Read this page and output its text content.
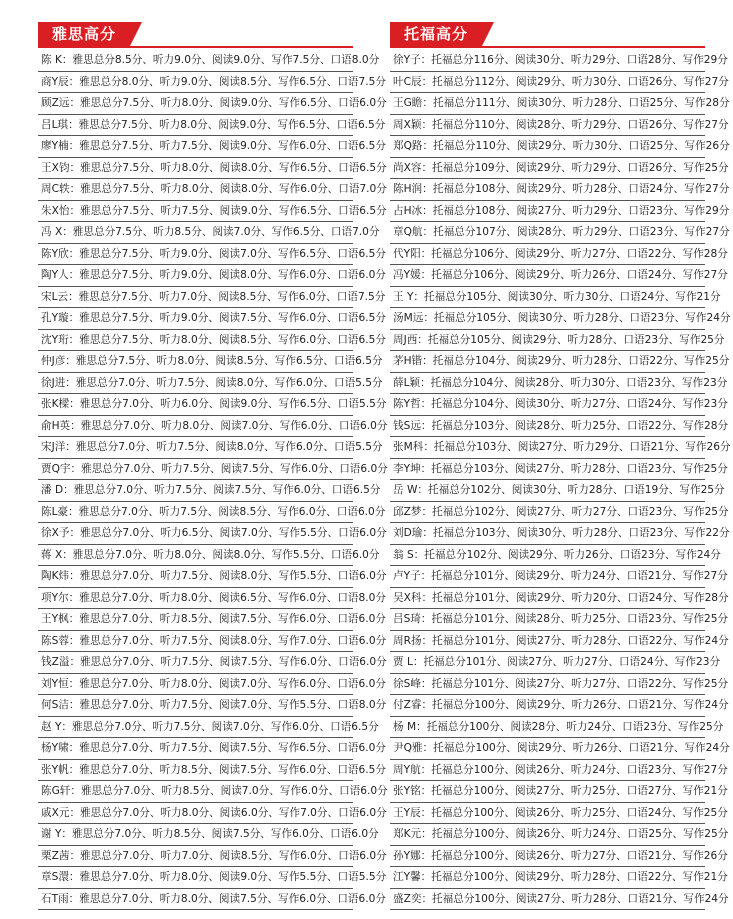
雅思高分
陈 K：雅思总分8.5分、听力9.0分、阅读9.0分、写作7.5分、口语8.0分
商Y辰：雅思总分8.0分、听力9.0分、阅读8.5分、写作6.5分、口语7.5分
顾Z远：雅思总分7.5分、听力8.0分、阅读9.0分、写作6.5分、口语6.0分
吕L琪：雅思总分7.5分、听力8.0分、阅读9.0分、写作6.5分、口语6.5分
廖Y楠：雅思总分7.5分、听力7.5分、阅读9.0分、写作6.0分、口语6.5分
王X钧：雅思总分7.5分、听力8.0分、阅读8.0分、写作6.5分、口语6.5分
周C轶：雅思总分7.5分、听力8.0分、阅读8.0分、写作6.0分、口语7.0分
朱X怡：雅思总分7.5分、听力7.5分、阅读9.0分、写作6.5分、口语6.5分
冯 X：雅思总分7.5分、听力8.5分、阅读7.0分、写作6.5分、口语7.0分
陈Y欣：雅思总分7.5分、听力9.0分、阅读7.0分、写作6.5分、口语6.5分
陶Y人：雅思总分7.5分、听力9.0分、阅读8.0分、写作6.0分、口语6.0分
宋L云：雅思总分7.5分、听力7.0分、阅读8.5分、写作6.0分、口语7.5分
孔Y璇：雅思总分7.5分、听力9.0分、阅读7.5分、写作6.0分、口语6.5分
沈Y珩：雅思总分7.5分、听力8.0分、阅读8.5分、写作6.0分、口语6.5分
仲J彦：雅思总分7.5分、听力8.0分、阅读8.5分、写作6.5分、口语6.5分
徐J进：雅思总分7.0分、听力7.5分、阅读8.0分、写作6.0分、口语5.5分
张K樑：雅思总分7.0分、听力6.0分、阅读9.0分、写作6.5分、口语5.5分
俞H英：雅思总分7.0分、听力8.0分、阅读7.0分、写作6.0分、口语6.0分
宋J洋：雅思总分7.0分、听力7.5分、阅读8.0分、写作6.0分、口语5.5分
贾Q宇：雅思总分7.0分、听力7.5分、阅读7.5分、写作6.0分、口语6.0分
潘 D：雅思总分7.0分、听力7.5分、阅读7.5分、写作6.0分、口语6.5分
陈L豪：雅思总分7.0分、听力7.5分、阅读8.5分、写作6.0分、口语6.0分
徐X予：雅思总分7.0分、听力6.5分、阅读7.0分、写作5.5分、口语6.0分
蒋 X：雅思总分7.0分、听力8.0分、阅读8.0分、写作5.5分、口语6.0分
陶K炜：雅思总分7.0分、听力7.5分、阅读8.0分、写作5.5分、口语6.0分
项Y尔：雅思总分7.0分、听力8.0分、阅读6.5分、写作6.0分、口语8.0分
王Y枫：雅思总分7.0分、听力8.5分、阅读7.5分、写作6.0分、口语6.0分
陈S蓉：雅思总分7.0分、听力7.5分、阅读8.0分、写作7.0分、口语6.0分
钱Z溢：雅思总分7.0分、听力7.5分、阅读7.5分、写作6.0分、口语6.0分
刘Y恒：雅思总分7.0分、听力8.0分、阅读7.0分、写作6.0分、口语6.0分
何S洁：雅思总分7.0分、听力7.5分、阅读7.0分、写作5.5分、口语8.0分
赵 Y：雅思总分7.0分、听力7.5分、阅读7.0分、写作6.0分、口语6.5分
杨Y啸：雅思总分7.0分、听力7.5分、阅读7.5分、写作6.5分、口语6.0分
张Y帆：雅思总分7.0分、听力8.5分、阅读7.5分、写作6.0分、口语6.5分
陈G轩：雅思总分7.0分、听力8.5分、阅读7.0分、写作6.0分、口语6.0分
戚X元：雅思总分7.0分、听力8.0分、阅读6.0分、写作7.0分、口语6.0分
谢 Y：雅思总分7.0分、听力8.5分、阅读7.5分、写作6.0分、口语6.0分
栗Z茜：雅思总分7.0分、听力7.0分、阅读8.5分、写作6.0分、口语6.0分
章S澴：雅思总分7.0分、听力8.0分、阅读9.0分、写作5.5分、口语5.5分
石T雨：雅思总分7.0分、听力8.0分、阅读7.5分、写作6.0分、口语6.0分
托福高分
徐Y子：托福总分116分、阅读30分、听力29分、口语28分、写作29分
叶C辰：托福总分112分、阅读29分、听力30分、口语26分、写作27分
王G瞻：托福总分111分、阅读30分、听力28分、口语25分、写作28分
周X颖：托福总分110分、阅读28分、听力29分、口语26分、写作27分
郑Q路：托福总分110分、阅读29分、听力30分、口语25分、写作26分
尚X容：托福总分109分、阅读29分、听力29分、口语26分、写作25分
陈H润：托福总分108分、阅读29分、听力28分、口语24分、写作27分
占H冰：托福总分108分、阅读27分、听力29分、口语23分、写作29分
章Q航：托福总分107分、阅读28分、听力29分、口语23分、写作27分
代Y阳：托福总分106分、阅读29分、听力27分、口语22分、写作28分
冯Y媛：托福总分106分、阅读29分、听力26分、口语24分、写作27分
王 Y：托福总分105分、阅读30分、听力30分、口语24分、写作21分
汤M远：托福总分105分、阅读30分、听力28分、口语23分、写作24分
周J西：托福总分105分、阅读29分、听力28分、口语23分、写作25分
茅H锴：托福总分104分、阅读29分、听力28分、口语22分、写作25分
薛L颖：托福总分104分、阅读28分、听力30分、口语23分、写作23分
陈Y哲：托福总分104分、阅读30分、听力27分、口语24分、写作23分
钱S远：托福总分103分、阅读28分、听力25分、口语22分、写作28分
张M科：托福总分103分、阅读27分、听力29分、口语21分、写作26分
李Y坤：托福总分103分、阅读27分、听力28分、口语23分、写作25分
岳 W：托福总分102分、阅读30分、听力28分、口语19分、写作25分
邱Z梦：托福总分102分、阅读27分、听力27分、口语23分、写作25分
刘D瑜：托福总分103分、阅读30分、听力28分、口语23分、写作22分
翁 S：托福总分102分、阅读29分、听力26分、口语23分、写作24分
卢Y子：托福总分101分、阅读29分、听力24分、口语21分、写作27分
吴X科：托福总分101分、阅读29分、听力20分、口语24分、写作28分
吕S琦：托福总分101分、阅读28分、听力25分、口语23分、写作25分
周R扬：托福总分101分、阅读27分、听力28分、口语22分、写作24分
贾 L：托福总分101分、阅读27分、听力27分、口语24分、写作23分
徐S峰：托福总分101分、阅读27分、听力27分、口语22分、写作25分
付Z睿：托福总分100分、阅读29分、听力26分、口语21分、写作24分
杨 M：托福总分100分、阅读28分、听力24分、口语23分、写作25分
尹Q雅：托福总分100分、阅读29分、听力26分、口语21分、写作24分
周Y航：托福总分100分、阅读26分、听力24分、口语23分、写作27分
张Y铭：托福总分100分、阅读27分、听力25分、口语27分、写作21分
王Y辰：托福总分100分、阅读26分、听力25分、口语24分、写作25分
郑K元：托福总分100分、阅读26分、听力24分、口语25分、写作25分
孙Y娜：托福总分100分、阅读26分、听力27分、口语21分、写作26分
江Y馨：托福总分100分、阅读29分、听力28分、口语22分、写作21分
盛Z奕：托福总分100分、阅读27分、听力28分、口语21分、写作24分
